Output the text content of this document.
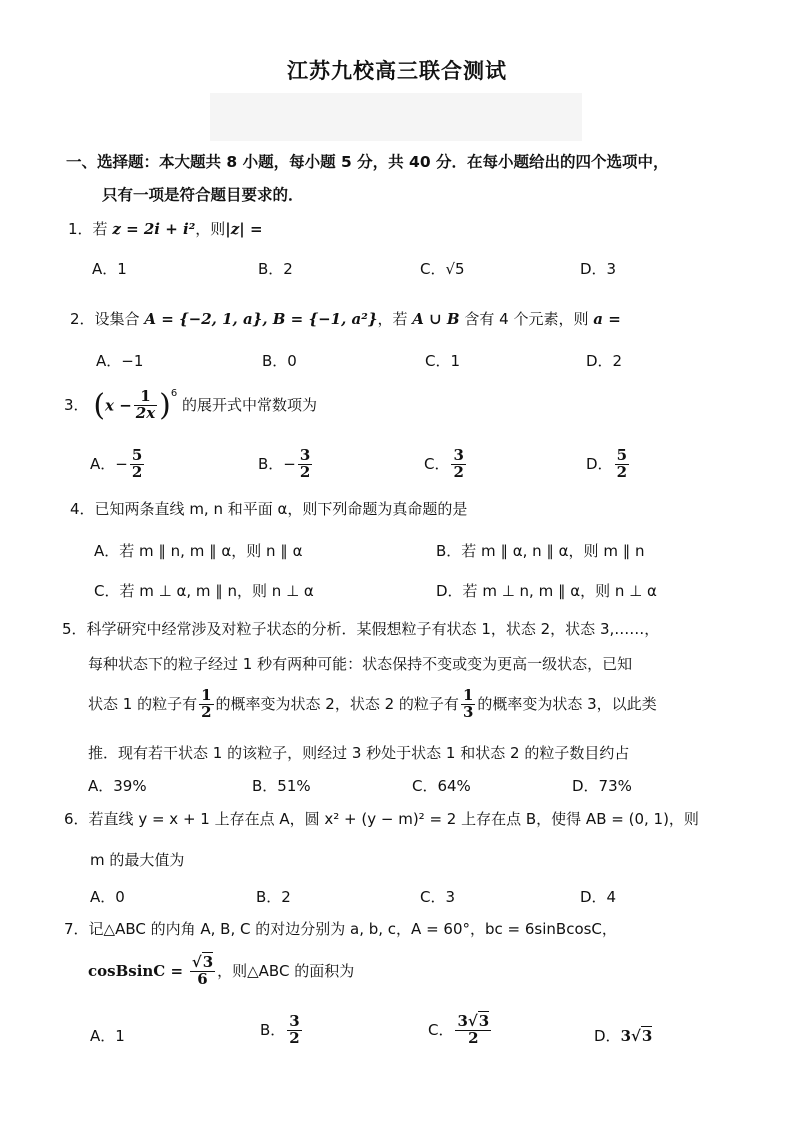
江苏九校高三联合测试
一、选择题：本大题共 8 小题，每小题 5 分，共 40 分．在每小题给出的四个选项中，
只有一项是符合题目要求的．
1．若 z = 2i + i²，则|z| =
A．1	B．2	C．√5	D．3
2．设集合 A = {−2, 1, a}, B = {−1, a²}，若 A ∪ B 含有 4 个元素，则 a =
A．−1	B．0	C．1	D．2
3． $(x - \frac{1}{2x} )^6$ 的展开式中常数项为
A．− $\frac{5}{2}$	B．− $\frac{3}{2}$	C． $\frac{3}{2}$	D． $\frac{5}{2}$
4．已知两条直线 m, n 和平面 α，则下列命题为真命题的是
A．若 m ∥ n, m ∥ α，则 n ∥ α	B．若 m ∥ α, n ∥ α，则 m ∥ n
C．若 m ⊥ α, m ∥ n，则 n ⊥ α	D．若 m ⊥ n, m ∥ α，则 n ⊥ α
5．科学研究中经常涉及对粒子状态的分析．某假想粒子有状态 1，状态 2，状态 3,……，
每种状态下的粒子经过 1 秒有两种可能：状态保持不变或变为更高一级状态，已知
状态 1 的粒子有 $\frac{1}{2}$ 的概率变为状态 2，状态 2 的粒子有 $\frac{1}{3}$ 的概率变为状态 3，以此类
推．现有若干状态 1 的该粒子，则经过 3 秒处于状态 1 和状态 2 的粒子数目约占
A．39%	B．51%	C．64%	D．73%
6．若直线 y = x + 1 上存在点 A，圆 x² + (y − m)² = 2 上存在点 B，使得 AB = (0, 1)，则
m 的最大值为
A．0	B．2	C．3	D．4
7．记△ABC 的内角 A, B, C 的对边分别为 a, b, c，A = 60°，bc = 6sinBcosC，
cosBsinC = $\frac{√3}{6}$ ，则△ABC 的面积为
A．1	B． $\frac{3}{2}$	C． $\frac{3√3}{2}$	D．3√3
